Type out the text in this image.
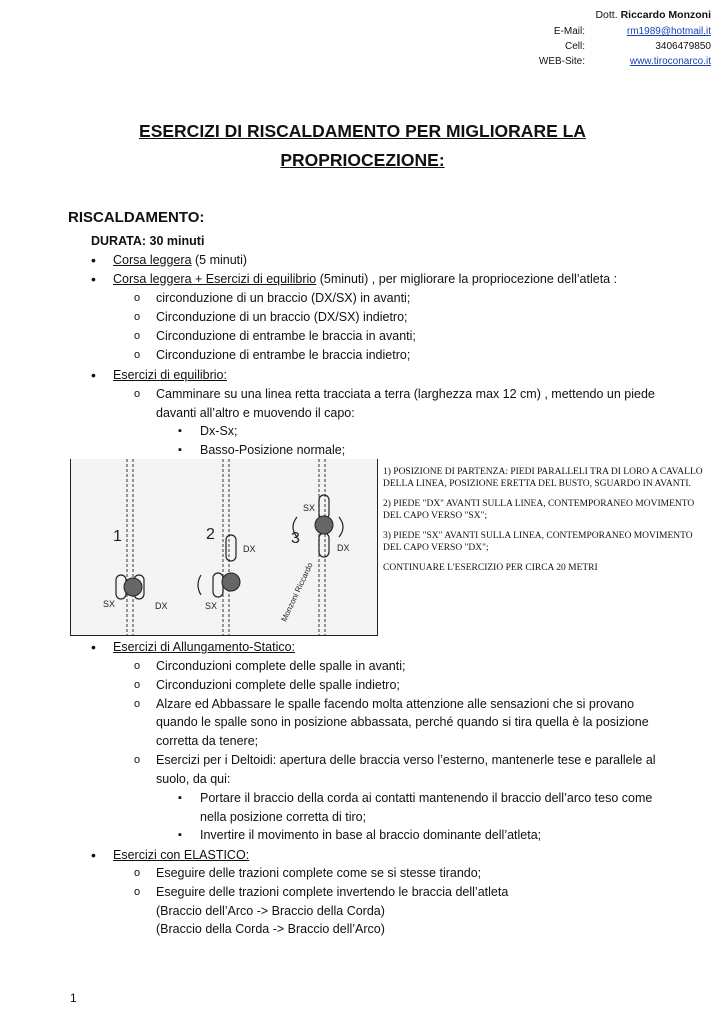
Dott. Riccardo Monzoni
E-Mail:	rm1989@hotmail.it
Cell:	3406479850
WEB-Site:	www.tiroconarco.it
ESERCIZI DI RISCALDAMENTO PER MIGLIORARE LA
PROPRIOCEZIONE:
RISCALDAMENTO:
DURATA: 30 minuti
• Corsa leggera (5 minuti)
• Corsa leggera + Esercizi di equilibrio (5minuti) , per migliorare la propriocezione dell’atleta :
o circonduzione di un braccio (DX/SX) in avanti;
o Circonduzione di un braccio (DX/SX) indietro;
o Circonduzione di entrambe le braccia in avanti;
o Circonduzione di entrambe le braccia indietro;
• Esercizi di equilibrio:
o Camminare su una linea retta tracciata a terra (larghezza max 12 cm) , mettendo un piede
davanti all’altro e muovendo il capo:
▪ Dx-Sx;
▪ Basso-Posizione normale;
1	2	3
SX	DX	SX
DX
SX
DX
Monzoni Riccardo

1) POSIZIONE DI PARTENZA: PIEDI PARALLELI TRA DI LORO A CAVALLO DELLA LINEA, POSIZIONE ERETTA DEL BUSTO, SGUARDO IN AVANTI.

2) PIEDE "DX" AVANTI SULLA LINEA, CONTEMPORANEO MOVIMENTO DEL CAPO VERSO "SX";

3) PIEDE "SX" AVANTI SULLA LINEA, CONTEMPORANEO MOVIMENTO DEL CAPO VERSO "DX";

CONTINUARE L'ESERCIZIO PER CIRCA 20 METRI

• Esercizi di Allungamento-Statico:
o Circonduzioni complete delle spalle in avanti;
o Circonduzioni complete delle spalle indietro;
o Alzare ed Abbassare le spalle facendo molta attenzione alle sensazioni che si provano
quando le spalle sono in posizione abbassata, perché quando si tira quella è la posizione
corretta da tenere;
o Esercizi per i Deltoidi: apertura delle braccia verso l’esterno, mantenerle tese e parallele al
suolo, da qui:
▪ Portare il braccio della corda ai contatti mantenendo il braccio dell’arco teso come
nella posizione corretta di tiro;
▪ Invertire il movimento in base al braccio dominante dell’atleta;
• Esercizi con ELASTICO:
o Eseguire delle trazioni complete come se si stesse tirando;
o Eseguire delle trazioni complete invertendo le braccia dell’atleta
(Braccio dell’Arco -> Braccio della Corda)
(Braccio della Corda -> Braccio dell’Arco)
1
